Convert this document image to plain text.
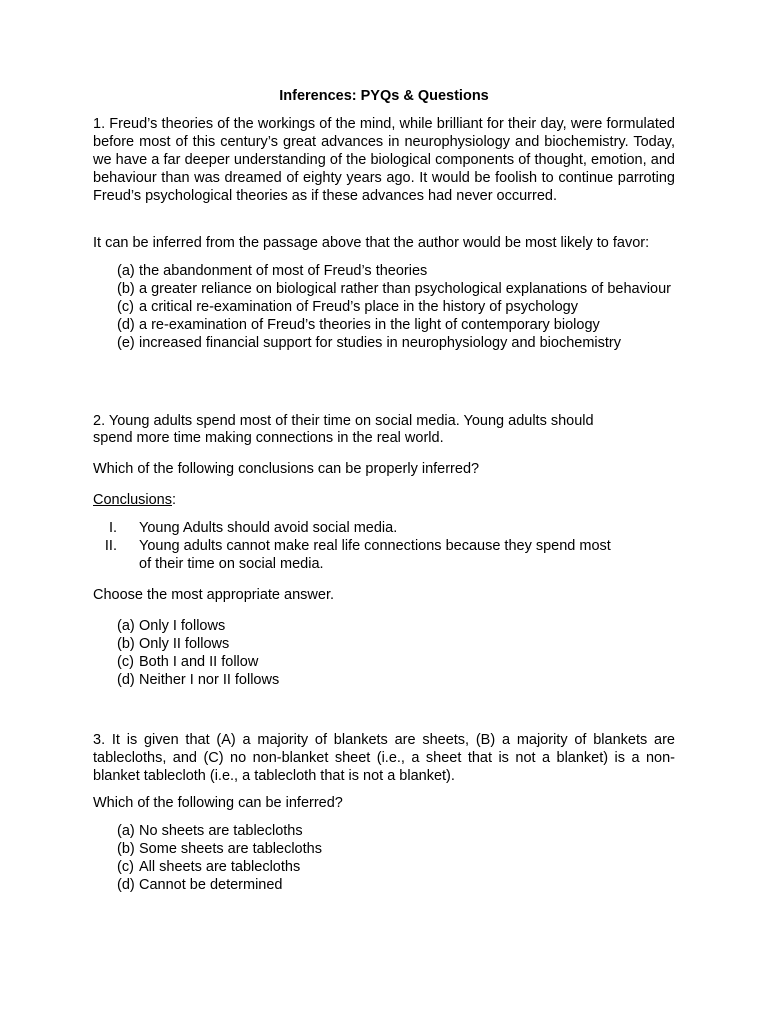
Inferences: PYQs & Questions
1. Freud’s theories of the workings of the mind, while brilliant for their day, were formulated before most of this century’s great advances in neurophysiology and biochemistry. Today, we have a far deeper understanding of the biological components of thought, emotion, and behaviour than was dreamed of eighty years ago. It would be foolish to continue parroting Freud’s psychological theories as if these advances had never occurred.
It can be inferred from the passage above that the author would be most likely to favor:
(a) the abandonment of most of Freud’s theories
(b) a greater reliance on biological rather than psychological explanations of behaviour
(c) a critical re-examination of Freud’s place in the history of psychology
(d) a re-examination of Freud’s theories in the light of contemporary biology
(e) increased financial support for studies in neurophysiology and biochemistry
2. Young adults spend most of their time on social media. Young adults should
spend more time making connections in the real world.
Which of the following conclusions can be properly inferred?
Conclusions:
I. Young Adults should avoid social media.
II. Young adults cannot make real life connections because they spend most
of their time on social media.
Choose the most appropriate answer.
(a) Only I follows
(b) Only II follows
(c) Both I and II follow
(d) Neither I nor II follows
3. It is given that (A) a majority of blankets are sheets, (B) a majority of blankets are tablecloths, and (C) no non-blanket sheet (i.e., a sheet that is not a blanket) is a non-blanket tablecloth (i.e., a tablecloth that is not a blanket).
Which of the following can be inferred?
(a) No sheets are tablecloths
(b) Some sheets are tablecloths
(c) All sheets are tablecloths
(d) Cannot be determined
